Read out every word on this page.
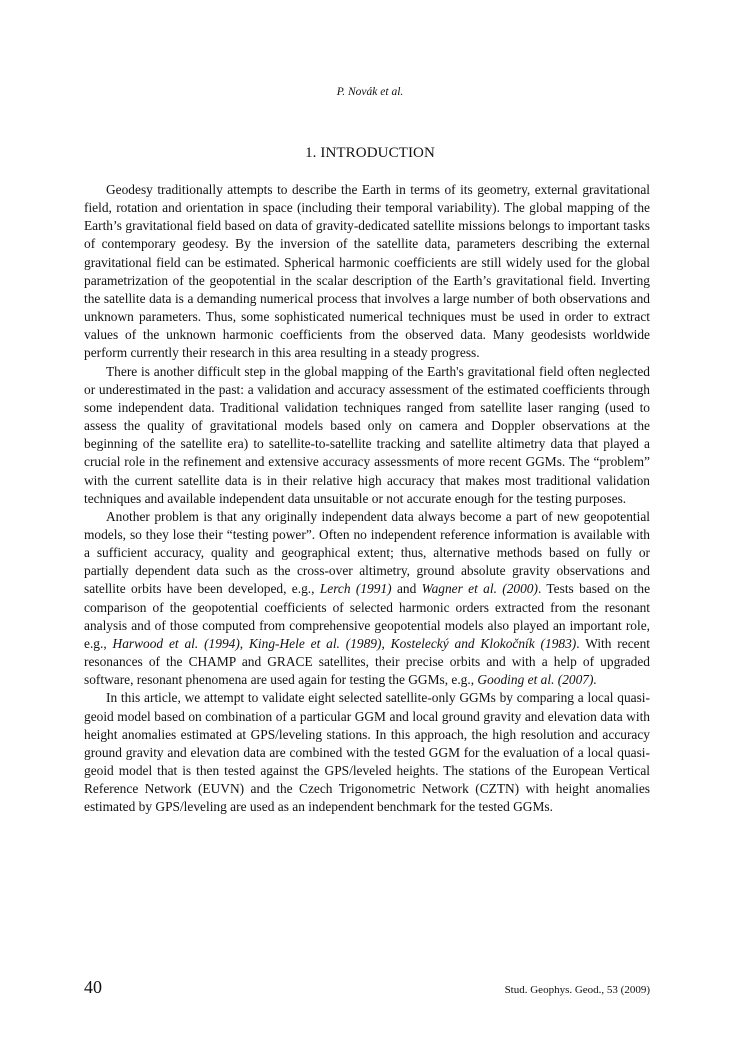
P. Novák et al.
1. INTRODUCTION

Geodesy traditionally attempts to describe the Earth in terms of its geometry, external gravitational field, rotation and orientation in space (including their temporal variability). The global mapping of the Earth’s gravitational field based on data of gravity-dedicated satellite missions belongs to important tasks of contemporary geodesy. By the inversion of the satellite data, parameters describing the external gravitational field can be estimated. Spherical harmonic coefficients are still widely used for the global parametrization of the geopotential in the scalar description of the Earth’s gravitational field. Inverting the satellite data is a demanding numerical process that involves a large number of both observations and unknown parameters. Thus, some sophisticated numerical techniques must be used in order to extract values of the unknown harmonic coefficients from the observed data. Many geodesists worldwide perform currently their research in this area resulting in a steady progress.

There is another difficult step in the global mapping of the Earth's gravitational field often neglected or underestimated in the past: a validation and accuracy assessment of the estimated coefficients through some independent data. Traditional validation techniques ranged from satellite laser ranging (used to assess the quality of gravitational models based only on camera and Doppler observations at the beginning of the satellite era) to satellite-to-satellite tracking and satellite altimetry data that played a crucial role in the refinement and extensive accuracy assessments of more recent GGMs. The “problem” with the current satellite data is in their relative high accuracy that makes most traditional validation techniques and available independent data unsuitable or not accurate enough for the testing purposes.

Another problem is that any originally independent data always become a part of new geopotential models, so they lose their “testing power”. Often no independent reference information is available with a sufficient accuracy, quality and geographical extent; thus, alternative methods based on fully or partially dependent data such as the cross-over altimetry, ground absolute gravity observations and satellite orbits have been developed, e.g., Lerch (1991) and Wagner et al. (2000). Tests based on the comparison of the geopotential coefficients of selected harmonic orders extracted from the resonant analysis and of those computed from comprehensive geopotential models also played an important role, e.g., Harwood et al. (1994), King-Hele et al. (1989), Kostelecký and Klokočník (1983). With recent resonances of the CHAMP and GRACE satellites, their precise orbits and with a help of upgraded software, resonant phenomena are used again for testing the GGMs, e.g., Gooding et al. (2007).

In this article, we attempt to validate eight selected satellite-only GGMs by comparing a local quasi-geoid model based on combination of a particular GGM and local ground gravity and elevation data with height anomalies estimated at GPS/leveling stations. In this approach, the high resolution and accuracy ground gravity and elevation data are combined with the tested GGM for the evaluation of a local quasi-geoid model that is then tested against the GPS/leveled heights. The stations of the European Vertical Reference Network (EUVN) and the Czech Trigonometric Network (CZTN) with height anomalies estimated by GPS/leveling are used as an independent benchmark for the tested GGMs.

40	Stud. Geophys. Geod., 53 (2009)
